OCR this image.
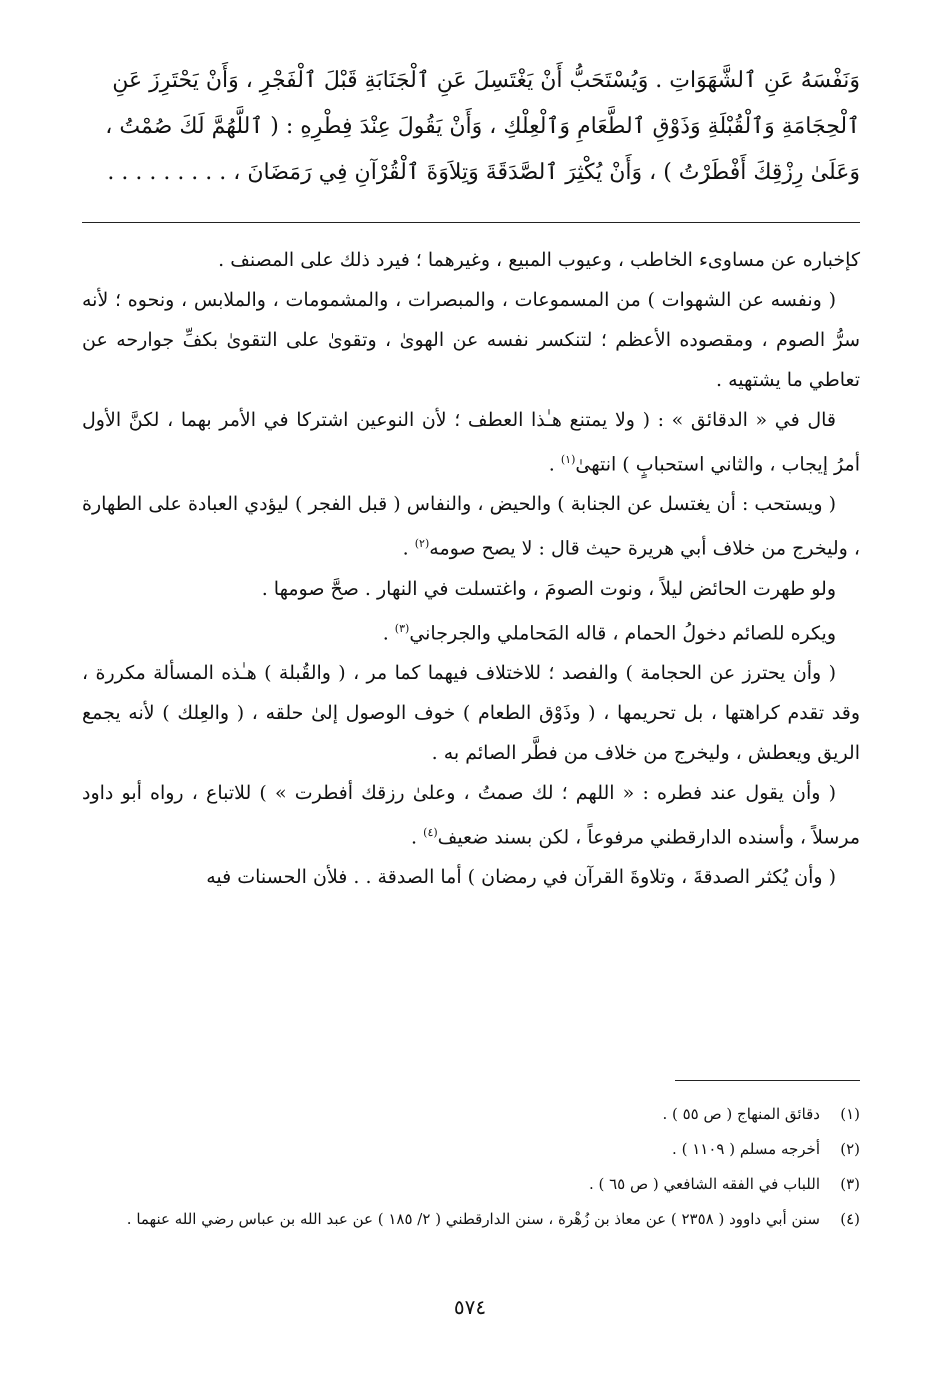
وَنَفْسَهُ عَنِ ٱلشَّهَوَاتِ . وَيُسْتَحَبُّ أَنْ يَغْتَسِلَ عَنِ ٱلْجَنَابَةِ قَبْلَ ٱلْفَجْرِ ، وَأَنْ يَحْتَرِزَ عَنِ
ٱلْحِجَامَةِ وَٱلْقُبْلَةِ وَذَوْقِ ٱلطَّعَامِ وَٱلْعِلْكِ ، وَأَنْ يَقُولَ عِنْدَ فِطْرِهِ : ( ٱللَّهُمَّ لَكَ صُمْتُ ،
وَعَلَىٰ رِزْقِكَ أَفْطَرْتُ ) ، وَأَنْ يُكْثِرَ ٱلصَّدَقَةَ وَتِلاَوَةَ ٱلْقُرْآنِ فِي رَمَضَانَ ، . . . . . . . . .

كإخباره عن مساوىء الخاطب ، وعيوب المبيع ، وغيرهما ؛ فيرد ذلك على المصنف .

( ونفسه عن الشهوات ) من المسموعات ، والمبصرات ، والمشمومات ، والملابس ، ونحوه ؛ لأنه سرُّ الصوم ، ومقصوده الأعظم ؛ لتنكسر نفسه عن الهوىٰ ، وتقوىٰ على التقوىٰ بكفِّ جوارحه عن تعاطي ما يشتهيه .

قال في « الدقائق » : ( ولا يمتنع هـٰذا العطف ؛ لأن النوعين اشتركا في الأمر بهما ، لكنَّ الأول أمرُ إيجاب ، والثاني استحبابٍ ) انتهىٰ$^{(١)}$ .

( ويستحب : أن يغتسل عن الجنابة ) والحيض ، والنفاس ( قبل الفجر ) ليؤدي العبادة على الطهارة ، وليخرج من خلاف أبي هريرة حيث قال : لا يصح صومه$^{(٢)}$ .

ولو طهرت الحائض ليلاً ، ونوت الصومَ ، واغتسلت في النهار . صحَّ صومها .

ويكره للصائم دخولُ الحمام ، قاله المَحاملي والجرجاني$^{(٣)}$ .

( وأن يحترز عن الحجامة ) والفصد ؛ للاختلاف فيهما كما مر ، ( والقُبلة ) هـٰذه المسألة مكررة ، وقد تقدم كراهتها ، بل تحريمها ، ( وذَوْق الطعام ) خوف الوصول إلىٰ حلقه ، ( والعِلك ) لأنه يجمع الريق ويعطش ، وليخرج من خلاف من فطَّر الصائم به .

( وأن يقول عند فطره : « اللهم ؛ لك صمتُ ، وعلىٰ رزقك أفطرت » ) للاتباع ، رواه أبو داود مرسلاً ، وأسنده الدارقطني مرفوعاً ، لكن بسند ضعيف$^{(٤)}$ .

( وأن يُكثر الصدقةَ ، وتلاوةَ القرآن في رمضان ) أما الصدقة . . فلأن الحسنات فيه

(١)
دقائق المنهاج ( ص ٥٥ ) .
(٢)
أخرجه مسلم ( ١١٠٩ ) .
(٣)
اللباب في الفقه الشافعي ( ص ٦٥ ) .
(٤)
سنن أبي داوود ( ٢٣٥٨ ) عن معاذ بن زُهْرة ، سنن الدارقطني ( ٢/ ١٨٥ ) عن عبد الله بن عباس رضي الله عنهما .
٥٧٤
